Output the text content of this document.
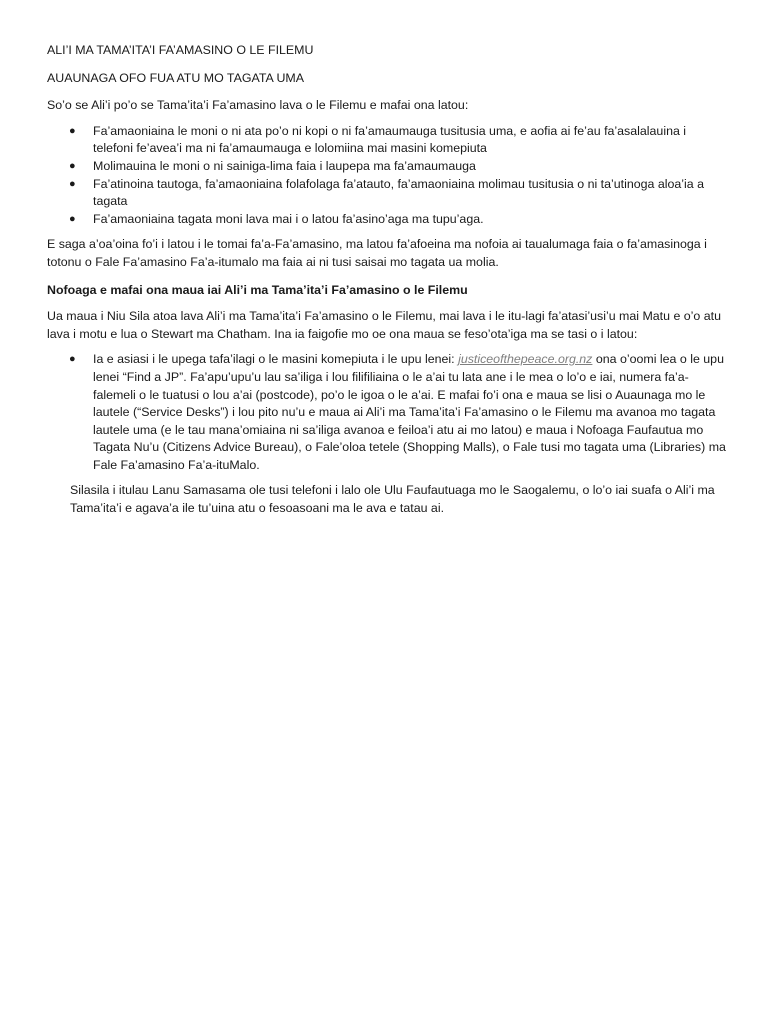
ALI’I MA TAMA’ITA’I FA’AMASINO O LE FILEMU

AUAUNAGA OFO FUA ATU MO TAGATA UMA

So’o se Ali’i po’o se Tama’ita’i Fa’amasino lava o le Filemu e mafai ona latou:

● Fa’amaoniaina le moni o ni ata po’o ni kopi o ni fa’amaumauga tusitusia uma, e aofia ai fe’au fa’asalalauina i telefoni fe’avea’i ma ni fa’amaumauga e lolomiina mai masini komepiuta
● Molimauina le moni o ni sainiga-lima faia i laupepa ma fa’amaumauga
● Fa’atinoina tautoga, fa’amaoniaina folafolaga fa’atauto, fa’amaoniaina molimau tusitusia o ni ta’utinoga aloa’ia a tagata
● Fa’amaoniaina tagata moni lava mai i o latou fa’asino’aga ma tupu’aga.

E saga a’oa’oina fo’i i latou i le tomai fa’a-Fa’amasino, ma latou fa’afoeina ma nofoia ai taualumaga faia o fa’amasinoga i totonu o Fale Fa’amasino Fa’a-itumalo ma faia ai ni tusi saisai mo tagata ua molia.

Nofoaga e mafai ona maua iai Ali’i ma Tama’ita’i Fa’amasino o le Filemu

Ua maua i Niu Sila atoa lava Ali’i ma Tama’ita’i Fa’amasino o le Filemu, mai lava i le itu-lagi fa’atasi’usi’u mai Matu e o’o atu lava i motu e lua o Stewart ma Chatham. Ina ia faigofie mo oe ona maua se feso’ota’iga ma se tasi o i latou:

● Ia e asiasi i le upega tafa’ilagi o le masini komepiuta i le upu lenei: justiceofthepeace.org.nz ona o’oomi lea o le upu lenei “Find a JP”. Fa’apu’upu’u lau sa’iliga i lou filifiliaina o le a’ai tu lata ane i le mea o lo’o e iai, numera fa’a-falemeli o le tuatusi o lou a’ai (postcode), po’o le igoa o le a’ai. E mafai fo’i ona e maua se lisi o Auaunaga mo le lautele (“Service Desks”) i lou pito nu’u e maua ai Ali’i ma Tama’ita’i Fa’amasino o le Filemu ma avanoa mo tagata lautele uma (e le tau mana’omiaina ni sa’iliga avanoa e feiloa’i atu ai mo latou) e maua i Nofoaga Faufautua mo Tagata Nu’u (Citizens Advice Bureau), o Fale’oloa tetele (Shopping Malls), o Fale tusi mo tagata uma (Libraries) ma Fale Fa’amasino Fa’a-ituMalo.

Silasila i itulau Lanu Samasama ole tusi telefoni i lalo ole Ulu Faufautuaga mo le Saogalemu, o lo’o iai suafa o Ali’i ma Tama’ita’i e agava’a ile tu’uina atu o fesoasoani ma le ava e tatau ai.
